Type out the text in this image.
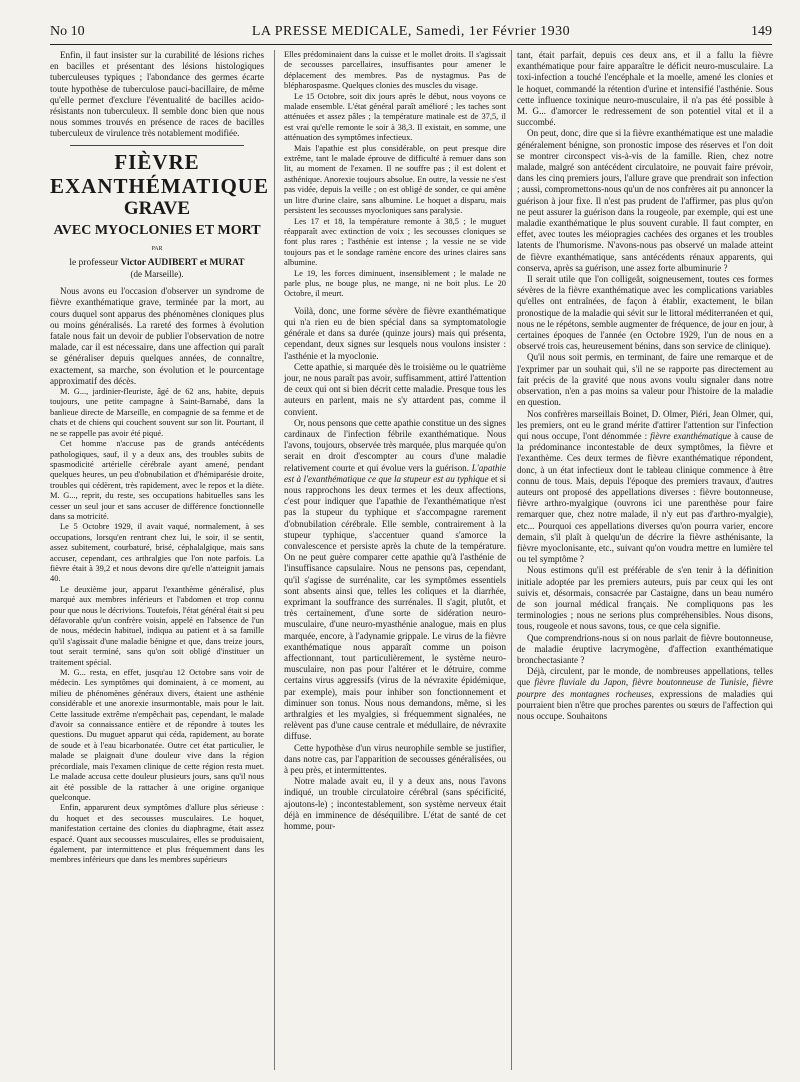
No 10	LA PRESSE MEDICALE, Samedi, 1er Février 1930	149

Enfin, il faut insister sur la curabilité de lésions riches en bacilles et présentant des lésions histologiques tuberculeuses typiques ; l'abondance des germes écarte toute hypothèse de tuberculose pauci-bacillaire, de même qu'elle permet d'exclure l'éventualité de bacilles acido-résistants non tuberculeux. Il semble donc bien que nous nous sommes trouvés en présence de races de bacilles tuberculeux de virulence très notablement modifiée.

FIÈVRE EXANTHÉMATIQUE
GRAVE
AVEC MYOCLONIES ET MORT
PAR
le professeur Victor AUDIBERT et MURAT
(de Marseille).

Nous avons eu l'occasion d'observer un syndrome de fièvre exanthématique grave, terminée par la mort, au cours duquel sont apparus des phénomènes cloniques plus ou moins généralisés. La rareté des formes à évolution fatale nous fait un devoir de publier l'observation de notre malade, car il est nécessaire, dans une affection qui paraît se généraliser depuis quelques années, de connaître, exactement, sa marche, son évolution et le pourcentage approximatif des décès.

M. G..., jardinier-fleuriste, âgé de 62 ans, habite, depuis toujours, une petite campagne à Saint-Barnabé, dans la banlieue directe de Marseille, en compagnie de sa femme et de chats et de chiens qui couchent souvent sur son lit. Pourtant, il ne se rappelle pas avoir été piqué.

Cet homme n'accuse pas de grands antécédents pathologiques, sauf, il y a deux ans, des troubles subits de spasmodicité artérielle cérébrale ayant amené, pendant quelques heures, un peu d'obnubilation et d'hémiparésie droite, troubles qui cédèrent, très rapidement, avec le repos et la diète. M. G..., reprit, du reste, ses occupations habituelles sans les cesser un seul jour et sans accuser de différence fonctionnelle dans sa motricité.

Le 5 Octobre 1929, il avait vaqué, normalement, à ses occupations, lorsqu'en rentrant chez lui, le soir, il se sentit, assez subitement, courbaturé, brisé, céphalalgique, mais sans accuser, cependant, ces arthralgies que l'on note parfois. La fièvre était à 39,2 et nous devons dire qu'elle n'atteignit jamais 40.

Le deuxième jour, apparut l'exanthème généralisé, plus marqué aux membres inférieurs et l'abdomen et trop connu pour que nous le décrivions. Toutefois, l'état général était si peu défavorable qu'un confrère voisin, appelé en l'absence de l'un de nous, médecin habituel, indiqua au patient et à sa famille qu'il s'agissait d'une maladie bénigne et que, dans treize jours, tout serait terminé, sans qu'on soit obligé d'instituer un traitement spécial.

M. G... resta, en effet, jusqu'au 12 Octobre sans voir de médecin. Les symptômes qui dominaient, à ce moment, au milieu de phénomènes généraux divers, étaient une asthénie considérable et une anorexie insurmontable, mais pour le lait. Cette lassitude extrême n'empêchait pas, cependant, le malade d'avoir sa connaissance entière et de répondre à toutes les questions. Du muguet apparut qui céda, rapidement, au borate de soude et à l'eau bicarbonatée. Outre cet état particulier, le malade se plaignait d'une douleur vive dans la région précordiale, mais l'examen clinique de cette région resta muet. Le malade accusa cette douleur plusieurs jours, sans qu'il nous ait été possible de la rattacher à une origine organique quelconque.

Enfin, apparurent deux symptômes d'allure plus sérieuse : du hoquet et des secousses musculaires. Le hoquet, manifestation certaine des clonies du diaphragme, était assez espacé. Quant aux secousses musculaires, elles se produisaient, également, par intermittence et plus fréquemment dans les membres inférieurs que dans les membres supérieurs

Elles prédominaient dans la cuisse et le mollet droits. Il s'agissait de secousses parcellaires, insuffisantes pour amener le déplacement des membres. Pas de nystagmus. Pas de blépharospasme. Quelques clonies des muscles du visage.

Le 15 Octobre, soit dix jours après le début, nous voyons ce malade ensemble. L'état général paraît amélioré ; les taches sont atténuées et assez pâles ; la température matinale est de 37,5, il est vrai qu'elle remonte le soir à 38,3. Il existait, en somme, une atténuation des symptômes infectieux.

Mais l'apathie est plus considérable, on peut presque dire extrême, tant le malade éprouve de difficulté à remuer dans son lit, au moment de l'examen. Il ne souffre pas ; il est dolent et asthénique. Anorexie toujours absolue. En outre, la vessie ne s'est pas vidée, depuis la veille ; on est obligé de sonder, ce qui amène un litre d'urine claire, sans albumine. Le hoquet a disparu, mais persistent les secousses myocloniques sans paralysie.

Les 17 et 18, la température remonte à 38,5 ; le muguet réapparaît avec extinction de voix ; les secousses cloniques se font plus rares ; l'asthénie est intense ; la vessie ne se vide toujours pas et le sondage ramène encore des urines claires sans albumine.

Le 19, les forces diminuent, insensiblement ; le malade ne parle plus, ne bouge plus, ne mange, ni ne boit plus. Le 20 Octobre, il meurt.

Voilà, donc, une forme sévère de fièvre exanthématique qui n'a rien eu de bien spécial dans sa symptomatologie générale et dans sa durée (quinze jours) mais qui présenta, cependant, deux signes sur lesquels nous voulons insister : l'asthénie et la myoclonie.

Cette apathie, si marquée dès le troisième ou le quatrième jour, ne nous paraît pas avoir, suffisamment, attiré l'attention de ceux qui ont si bien décrit cette maladie. Presque tous les auteurs en parlent, mais ne s'y attardent pas, comme il convient.

Or, nous pensons que cette apathie constitue un des signes cardinaux de l'infection fébrile exanthématique. Nous l'avons, toujours, observée très marquée, plus marquée qu'on serait en droit d'escompter au cours d'une maladie relativement courte et qui évolue vers la guérison. L'apathie est à l'exanthématique ce que la stupeur est au typhique et si nous rapprochons les deux termes et les deux affections, c'est pour indiquer que l'apathie de l'exanthématique n'est pas la stupeur du typhique et s'accompagne rarement d'obnubilation cérébrale. Elle semble, contrairement à la stupeur typhique, s'accentuer quand s'amorce la convalescence et persiste après la chute de la température. On ne peut guère comparer cette apathie qu'à l'asthénie de l'insuffisance capsulaire. Nous ne pensons pas, cependant, qu'il s'agisse de surrénalite, car les symptômes essentiels sont absents ainsi que, telles les coliques et la diarrhée, exprimant la souffrance des surrénales. Il s'agit, plutôt, et très certainement, d'une sorte de sidération neuro-musculaire, d'une neuro-myasthénie analogue, mais en plus marquée, encore, à l'adynamie grippale. Le virus de la fièvre exanthématique nous apparaît comme un poison affectionnant, tout particulièrement, le système neuro-musculaire, non pas pour l'altérer et le détruire, comme certains virus aggressifs (virus de la névraxite épidémique, par exemple), mais pour inhiber son fonctionnement et diminuer son tonus. Nous nous demandons, même, si les arthralgies et les myalgies, si fréquemment signalées, ne relèvent pas d'une cause centrale et médullaire, de névraxite diffuse.

Cette hypothèse d'un virus neurophile semble se justifier, dans notre cas, par l'apparition de secousses généralisées, ou à peu près, et intermittentes.

Notre malade avait eu, il y a deux ans, nous l'avons indiqué, un trouble circulatoire cérébral (sans spécificité, ajoutons-le) ; incontestablement, son système nerveux était déjà en imminence de déséquilibre. L'état de santé de cet homme, pour-

tant, était parfait, depuis ces deux ans, et il a fallu la fièvre exanthématique pour faire apparaître le déficit neuro-musculaire. La toxi-infection a touché l'encéphale et la moelle, amené les clonies et le hoquet, commandé la rétention d'urine et intensifié l'asthénie. Sous cette influence toxinique neuro-musculaire, il n'a pas été possible à M. G... d'amorcer le redressement de son potentiel vital et il a succombé.

On peut, donc, dire que si la fièvre exanthématique est une maladie généralement bénigne, son pronostic impose des réserves et l'on doit se montrer circonspect vis-à-vis de la famille. Rien, chez notre malade, malgré son antécédent circulatoire, ne pouvait faire prévoir, dans les cinq premiers jours, l'allure grave que prendrait son infection ; aussi, compromettons-nous qu'un de nos confrères ait pu annoncer la guérison à jour fixe. Il n'est pas prudent de l'affirmer, pas plus qu'on ne peut assurer la guérison dans la rougeole, par exemple, qui est une maladie exanthématique le plus souvent curable. Il faut compter, en effet, avec toutes les méiopragies cachées des organes et les troubles latents de l'humorisme. N'avons-nous pas observé un malade atteint de fièvre exanthématique, sans antécédents rénaux apparents, qui conserva, après sa guérison, une assez forte albuminurie ?

Il serait utile que l'on colligeât, soigneusement, toutes ces formes sévères de la fièvre exanthématique avec les complications variables qu'elles ont entraînées, de façon à établir, exactement, le bilan pronostique de la maladie qui sévit sur le littoral méditerranéen et qui, nous ne le répétons, semble augmenter de fréquence, de jour en jour, à certaines époques de l'année (en Octobre 1929, l'un de nous en a observé trois cas, heureusement bénins, dans son service de clinique).

Qu'il nous soit permis, en terminant, de faire une remarque et de l'exprimer par un souhait qui, s'il ne se rapporte pas directement au fait précis de la gravité que nous avons voulu signaler dans notre observation, n'en a pas moins sa valeur pour l'histoire de la maladie en question.

Nos confrères marseillais Boinet, D. Olmer, Piéri, Jean Olmer, qui, les premiers, ont eu le grand mérite d'attirer l'attention sur l'infection qui nous occupe, l'ont dénommée : fièvre exanthématique à cause de la prédominance incontestable de deux symptômes, la fièvre et l'exanthème. Ces deux termes de fièvre exanthématique répondent, donc, à un état infectieux dont le tableau clinique commence à être connu de tous. Mais, depuis l'époque des premiers travaux, d'autres auteurs ont proposé des appellations diverses : fièvre boutonneuse, fièvre arthro-myalgique (ouvrons ici une parenthèse pour faire remarquer que, chez notre malade, il n'y eut pas d'arthro-myalgie), etc... Pourquoi ces appellations diverses qu'on pourra varier, encore demain, s'il plaît à quelqu'un de décrire la fièvre asthénisante, la fièvre myoclonisante, etc., suivant qu'on voudra mettre en lumière tel ou tel symptôme ?

Nous estimons qu'il est préférable de s'en tenir à la définition initiale adoptée par les premiers auteurs, puis par ceux qui les ont suivis et, désormais, consacrée par Castaigne, dans un beau numéro de son journal médical français. Ne compliquons pas les terminologies ; nous ne serions plus compréhensibles. Nous disons, tous, rougeole et nous savons, tous, ce que cela signifie.

Que comprendrions-nous si on nous parlait de fièvre boutonneuse, de maladie éruptive lacrymogène, d'affection exanthématique bronchectasiante ?

Déjà, circulent, par le monde, de nombreuses appellations, telles que fièvre fluviale du Japon, fièvre boutonneuse de Tunisie, fièvre pourpre des montagnes rocheuses, expressions de maladies qui pourraient bien n'être que proches parentes ou sœurs de l'affection qui nous occupe. Souhaitons
